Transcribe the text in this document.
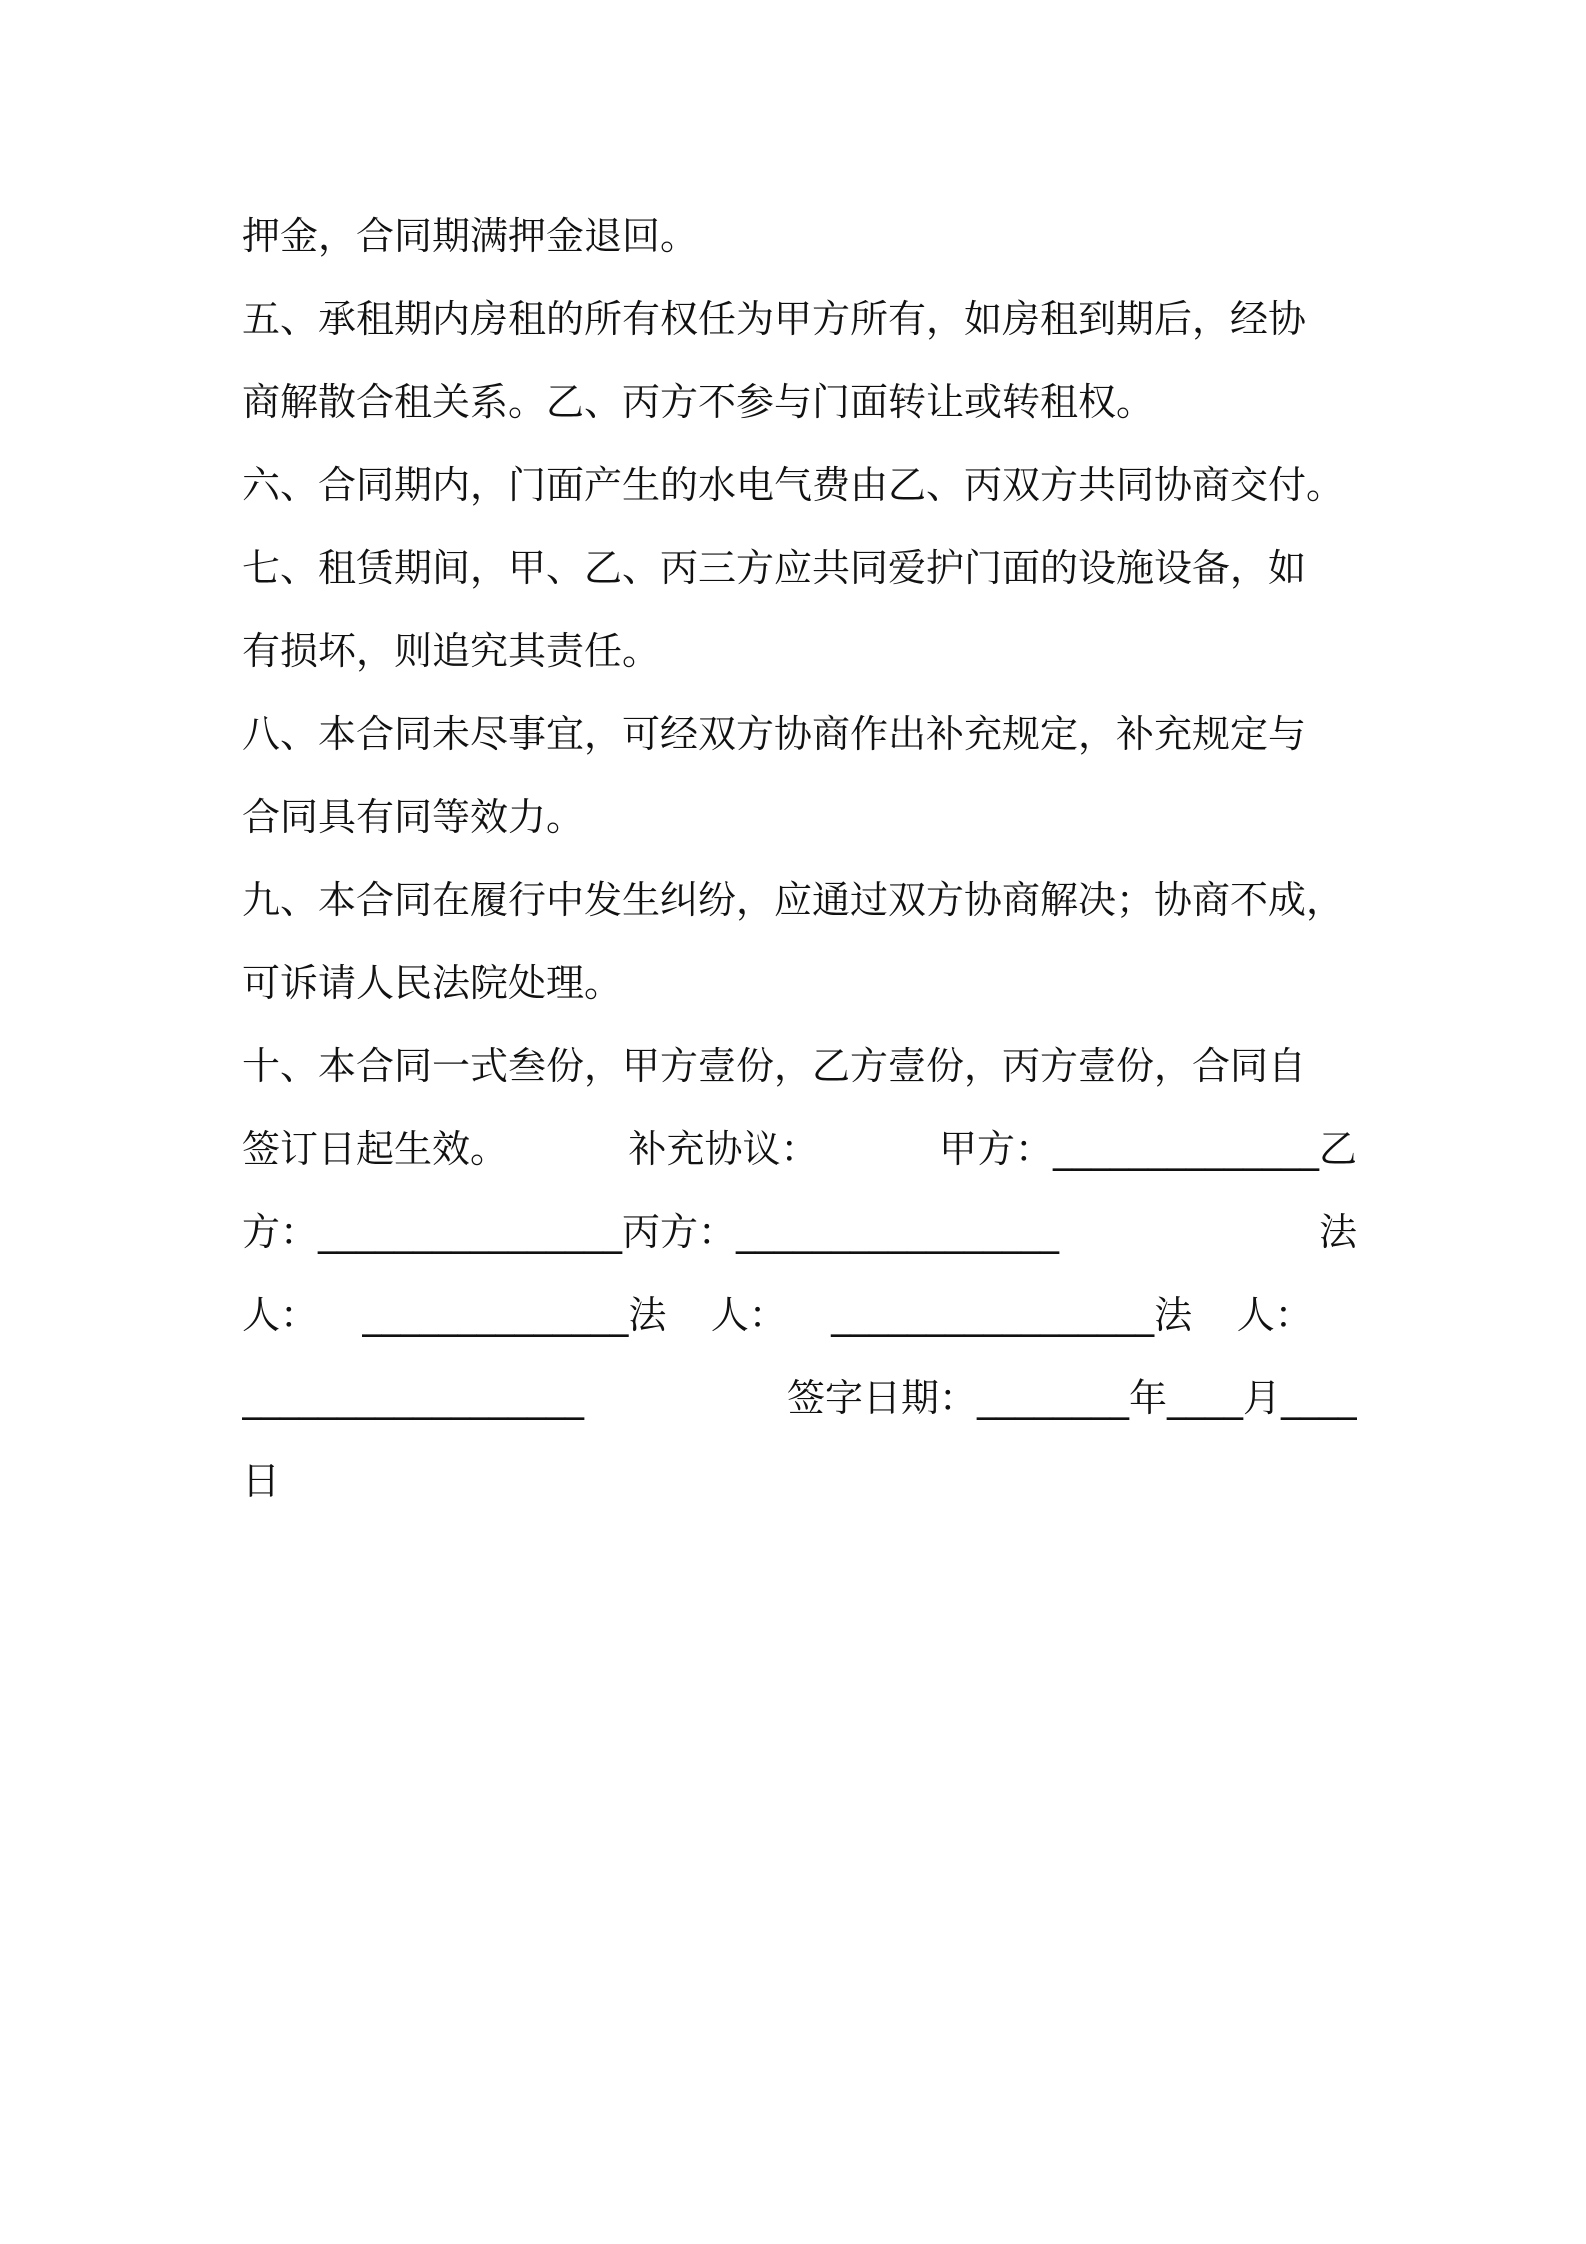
押金，合同期满押金退回。
五、承租期内房租的所有权任为甲方所有，如房租到期后，经协
商解散合租关系。乙、丙方不参与门面转让或转租权。
六、合同期内，门面产生的水电气费由乙、丙双方共同协商交付。
七、租赁期间，甲、乙、丙三方应共同爱护门面的设施设备，如
有损坏，则追究其责任。
八、本合同未尽事宜，可经双方协商作出补充规定，补充规定与
合同具有同等效力。
九、本合同在履行中发生纠纷，应通过双方协商解决；协商不成，
可诉请人民法院处理。
十、本合同一式叁份，甲方壹份，乙方壹份，丙方壹份，合同自
签订日起生效。	补充协议：	甲方：______________乙
方：________________丙方：_________________	法
人： ______________法 人： _________________法 人：
__________________	签字日期：________年____月____
日
